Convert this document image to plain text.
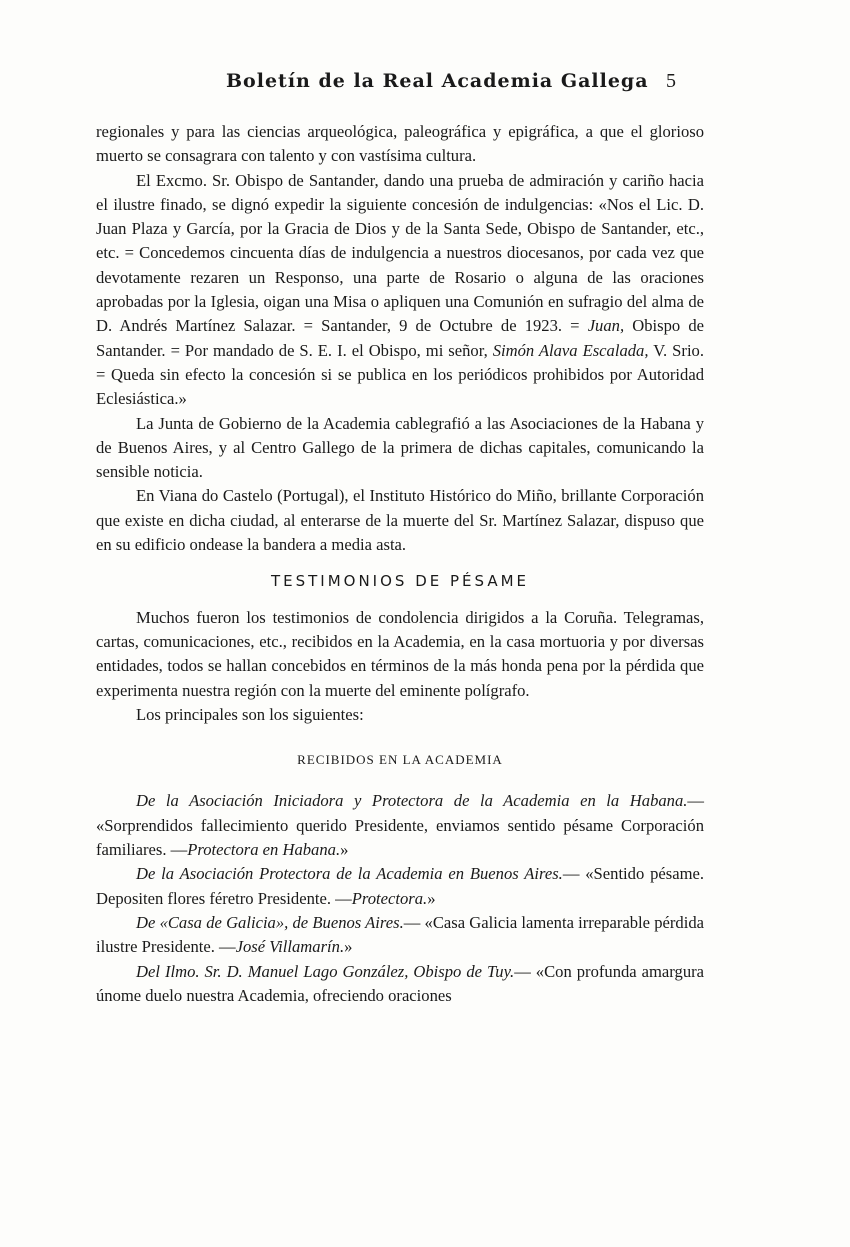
Boletín de la Real Academia Gallega 5

regionales y para las ciencias arqueológica, paleográfica y epigráfica, a que el glorioso muerto se consagrara con talento y con vastísima cultura.

El Excmo. Sr. Obispo de Santander, dando una prueba de admiración y cariño hacia el ilustre finado, se dignó expedir la siguiente concesión de indulgencias: «Nos el Lic. D. Juan Plaza y García, por la Gracia de Dios y de la Santa Sede, Obispo de Santander, etc., etc. = Concedemos cincuenta días de indulgencia a nuestros diocesanos, por cada vez que devotamente rezaren un Responso, una parte de Rosario o alguna de las oraciones aprobadas por la Iglesia, oigan una Misa o apliquen una Comunión en sufragio del alma de D. Andrés Martínez Salazar. = Santander, 9 de Octubre de 1923. = Juan, Obispo de Santander. = Por mandado de S. E. I. el Obispo, mi señor, Simón Alava Escalada, V. Srio. = Queda sin efecto la concesión si se publica en los periódicos prohibidos por Autoridad Eclesiástica.»

La Junta de Gobierno de la Academia cablegrafió a las Asociaciones de la Habana y de Buenos Aires, y al Centro Gallego de la primera de dichas capitales, comunicando la sensible noticia.

En Viana do Castelo (Portugal), el Instituto Histórico do Miño, brillante Corporación que existe en dicha ciudad, al enterarse de la muerte del Sr. Martínez Salazar, dispuso que en su edificio ondease la bandera a media asta.

TESTIMONIOS DE PÉSAME

Muchos fueron los testimonios de condolencia dirigidos a la Coruña. Telegramas, cartas, comunicaciones, etc., recibidos en la Academia, en la casa mortuoria y por diversas entidades, todos se hallan concebidos en términos de la más honda pena por la pérdida que experimenta nuestra región con la muerte del eminente polígrafo.

Los principales son los siguientes:

RECIBIDOS EN LA ACADEMIA

De la Asociación Iniciadora y Protectora de la Academia en la Habana.— «Sorprendidos fallecimiento querido Presidente, enviamos sentido pésame Corporación familiares. —Protectora en Habana.»

De la Asociación Protectora de la Academia en Buenos Aires.— «Sentido pésame. Depositen flores féretro Presidente. —Protectora.»

De «Casa de Galicia», de Buenos Aires.— «Casa Galicia lamenta irreparable pérdida ilustre Presidente. —José Villamarín.»

Del Ilmo. Sr. D. Manuel Lago González, Obispo de Tuy.— «Con profunda amargura únome duelo nuestra Academia, ofreciendo oraciones
